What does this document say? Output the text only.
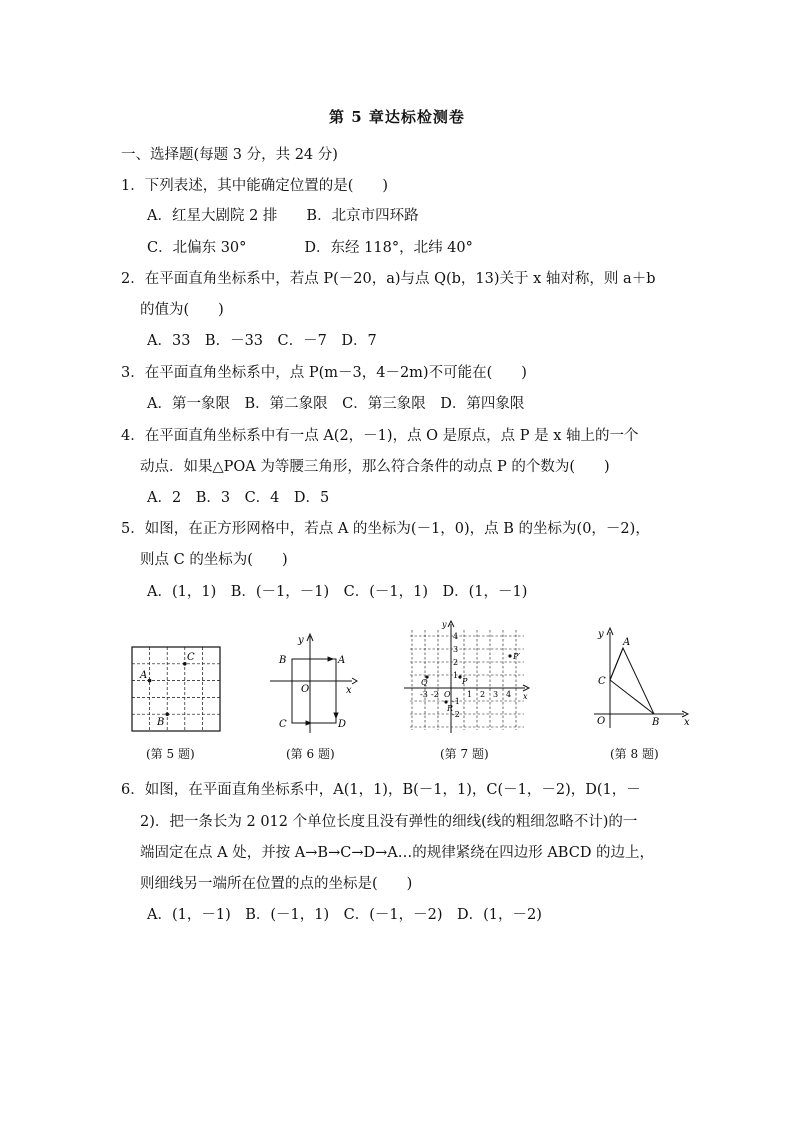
第 5 章达标检测卷
一、选择题(每题 3 分，共 24 分)
1．下列表述，其中能确定位置的是(　　)
A．红星大剧院 2 排　　B．北京市四环路
C．北偏东 30°　　　　D．东经 118°，北纬 40°
2．在平面直角坐标系中，若点 P(－20，a)与点 Q(b，13)关于 x 轴对称，则 a＋b
的值为(　　)
A．33　B．－33　C．－7　D．7
3．在平面直角坐标系中，点 P(m－3，4－2m)不可能在(　　)
A．第一象限　B．第二象限　C．第三象限　D．第四象限
4．在平面直角坐标系中有一点 A(2，－1)，点 O 是原点，点 P 是 x 轴上的一个
动点．如果△POA 为等腰三角形，那么符合条件的动点 P 的个数为(　　)
A．2　B．3　C．4　D．5
5．如图，在正方形网格中，若点 A 的坐标为(－1，0)，点 B 的坐标为(0，－2)，
则点 C 的坐标为(　　)
A．(1，1)　B．(－1，－1)　C．(－1，1)　D．(1，－1)
C
A
B
y
x
O
A
B
C	D
y
x
O
4
3
2
1
-1
-2
1 2 3 4
-3 -2
P′
P
Q
R
y
x
O
A
B
C
(第 5 题)	(第 6 题)	(第 7 题)	(第 8 题)
6．如图，在平面直角坐标系中，A(1，1)，B(－1，1)，C(－1，－2)，D(1，－
2)．把一条长为 2 012 个单位长度且没有弹性的细线(线的粗细忽略不计)的一
端固定在点 A 处，并按 A→B→C→D→A…的规律紧绕在四边形 ABCD 的边上，
则细线另一端所在位置的点的坐标是(　　)
A．(1，－1)　B．(－1，1)　C．(－1，－2)　D．(1，－2)
